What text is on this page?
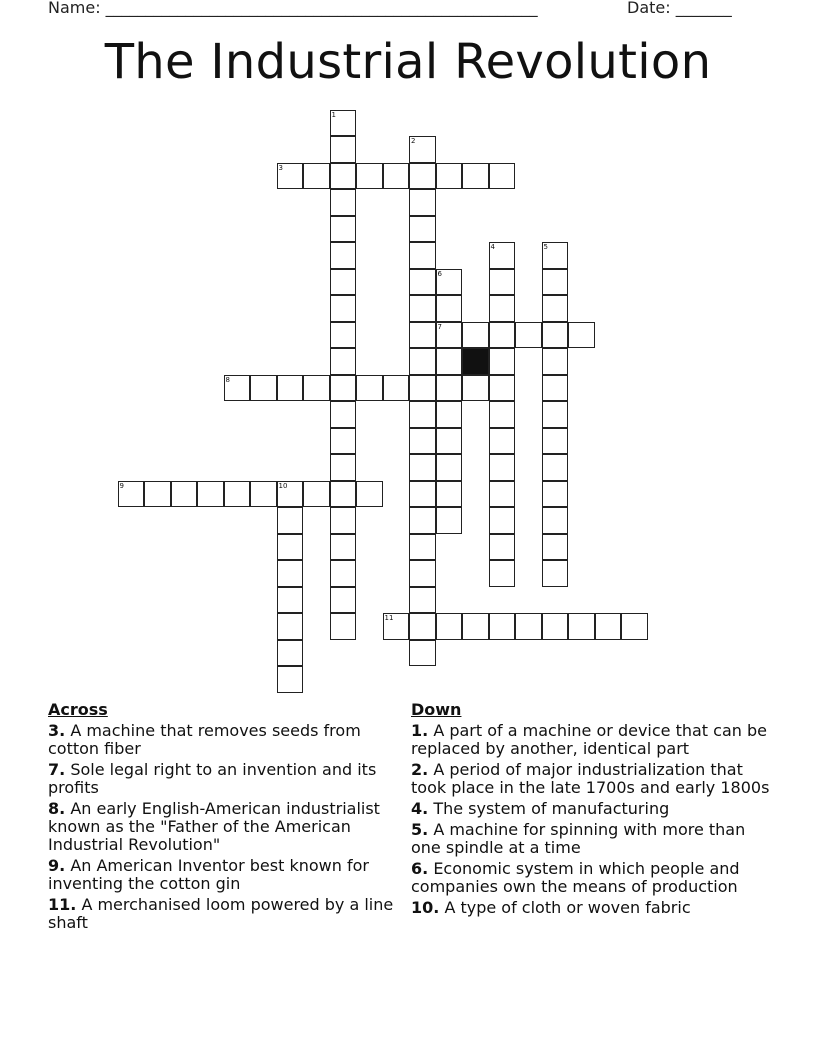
Name: ______________________________________________________	Date: _______
The Industrial Revolution
1
2
3
4	5
6
7
8
9	10
11
Across
3. A machine that removes seeds from cotton fiber
7. Sole legal right to an invention and its profits
8. An early English-American industrialist known as the "Father of the American Industrial Revolution"
9. An American Inventor best known for inventing the cotton gin
11. A merchanised loom powered by a line shaft
Down
1. A part of a machine or device that can be replaced by another, identical part
2. A period of major industrialization that took place in the late 1700s and early 1800s
4. The system of manufacturing
5. A machine for spinning with more than one spindle at a time
6. Economic system in which people and companies own the means of production
10. A type of cloth or woven fabric
